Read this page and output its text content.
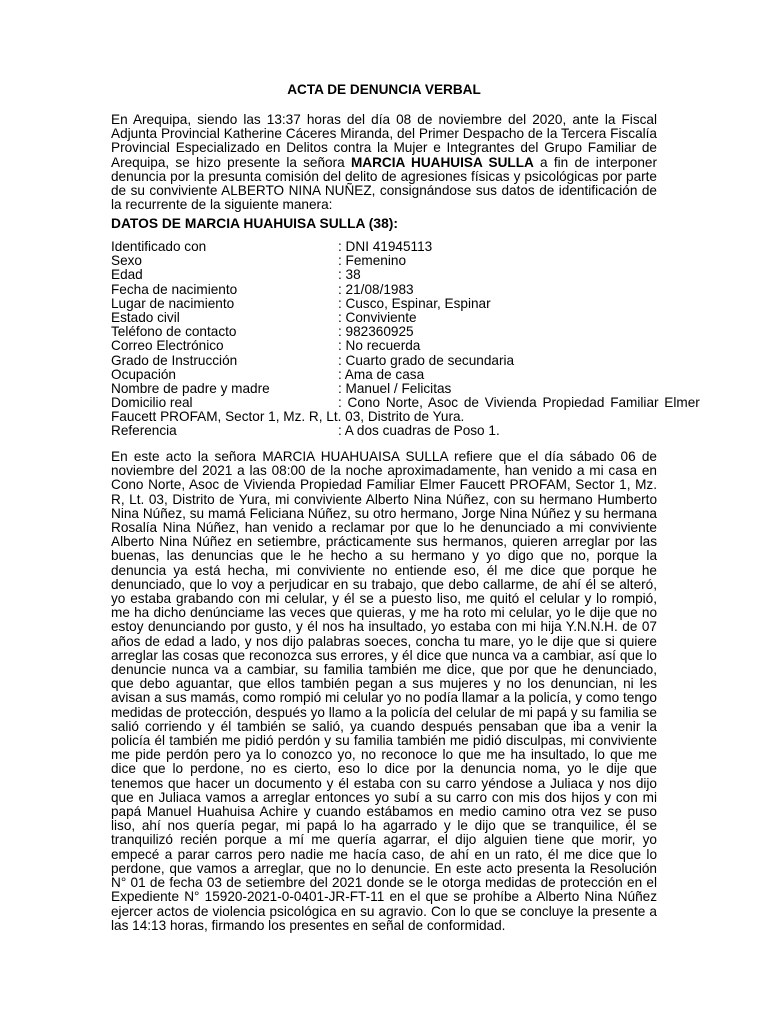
ACTA DE DENUNCIA VERBAL
En Arequipa, siendo las 13:37 horas del día 08 de noviembre del 2020, ante la Fiscal Adjunta Provincial Katherine Cáceres Miranda, del Primer Despacho de la Tercera Fiscalía Provincial Especializado en Delitos contra la Mujer e Integrantes del Grupo Familiar de Arequipa, se hizo presente la señora MARCIA HUAHUISA SULLA a fin de interponer denuncia por la presunta comisión del delito de agresiones físicas y psicológicas por parte de su conviviente ALBERTO NINA NUÑEZ, consignándose sus datos de identificación de la recurrente de la siguiente manera:
DATOS DE MARCIA HUAHUISA SULLA (38):
Identificado con	: DNI 41945113
Sexo	: Femenino
Edad	: 38
Fecha de nacimiento	: 21/08/1983
Lugar de nacimiento	: Cusco, Espinar, Espinar
Estado civil	: Conviviente
Teléfono de contacto	: 982360925
Correo Electrónico	: No recuerda
Grado de Instrucción	: Cuarto grado de secundaria
Ocupación	: Ama de casa
Nombre de padre y madre	: Manuel / Felicitas
Domicilio real	: Cono Norte, Asoc de Vivienda Propiedad Familiar Elmer
Faucett PROFAM, Sector 1, Mz. R, Lt. 03, Distrito de Yura.
Referencia	: A dos cuadras de Poso 1.
En este acto la señora MARCIA HUAHUAISA SULLA refiere que el día sábado 06 de noviembre del 2021 a las 08:00 de la noche aproximadamente, han venido a mi casa en Cono Norte, Asoc de Vivienda Propiedad Familiar Elmer Faucett PROFAM, Sector 1, Mz. R, Lt. 03, Distrito de Yura, mi conviviente Alberto Nina Núñez, con su hermano Humberto Nina Núñez, su mamá Feliciana Núñez, su otro hermano, Jorge Nina Núñez y su hermana Rosalía Nina Núñez, han venido a reclamar por que lo he denunciado a mi conviviente Alberto Nina Núñez en setiembre, prácticamente sus hermanos, quieren arreglar por las buenas, las denuncias que le he hecho a su hermano y yo digo que no, porque la denuncia ya está hecha, mi conviviente no entiende eso, él me dice que porque he denunciado, que lo voy a perjudicar en su trabajo, que debo callarme, de ahí él se alteró, yo estaba grabando con mi celular, y él se a puesto liso, me quitó el celular y lo rompió, me ha dicho denúnciame las veces que quieras, y me ha roto mi celular, yo le dije que no estoy denunciando por gusto, y él nos ha insultado, yo estaba con mi hija Y.N.N.H. de 07 años de edad a lado, y nos dijo palabras soeces, concha tu mare, yo le dije que si quiere arreglar las cosas que reconozca sus errores, y él dice que nunca va a cambiar, así que lo denuncie nunca va a cambiar, su familia también me dice, que por que he denunciado, que debo aguantar, que ellos también pegan a sus mujeres y no los denuncian, ni les avisan a sus mamás, como rompió mi celular yo no podía llamar a la policía, y como tengo medidas de protección, después yo llamo a la policía del celular de mi papá y su familia se salió corriendo y él también se salió, ya cuando después pensaban que iba a venir la policía él también me pidió perdón y su familia también me pidió disculpas, mi conviviente me pide perdón pero ya lo conozco yo, no reconoce lo que me ha insultado, lo que me dice que lo perdone, no es cierto, eso lo dice por la denuncia noma, yo le dije que tenemos que hacer un documento y él estaba con su carro yéndose a Juliaca y nos dijo que en Juliaca vamos a arreglar entonces yo subí a su carro con mis dos hijos y con mi papá Manuel Huahuisa Achire y cuando estábamos en medio camino otra vez se puso liso, ahí nos quería pegar, mi papá lo ha agarrado y le dijo que se tranquilice, él se tranquilizó recién porque a mí me quería agarrar, el dijo alguien tiene que morir, yo empecé a parar carros pero nadie me hacía caso, de ahí en un rato, él me dice que lo perdone, que vamos a arreglar, que no lo denuncie. En este acto presenta la Resolución N° 01 de fecha 03 de setiembre del 2021 donde se le otorga medidas de protección en el Expediente N° 15920-2021-0-0401-JR-FT-11 en el que se prohíbe a Alberto Nina Núñez ejercer actos de violencia psicológica en su agravio. Con lo que se concluye la presente a las 14:13 horas, firmando los presentes en señal de conformidad.
